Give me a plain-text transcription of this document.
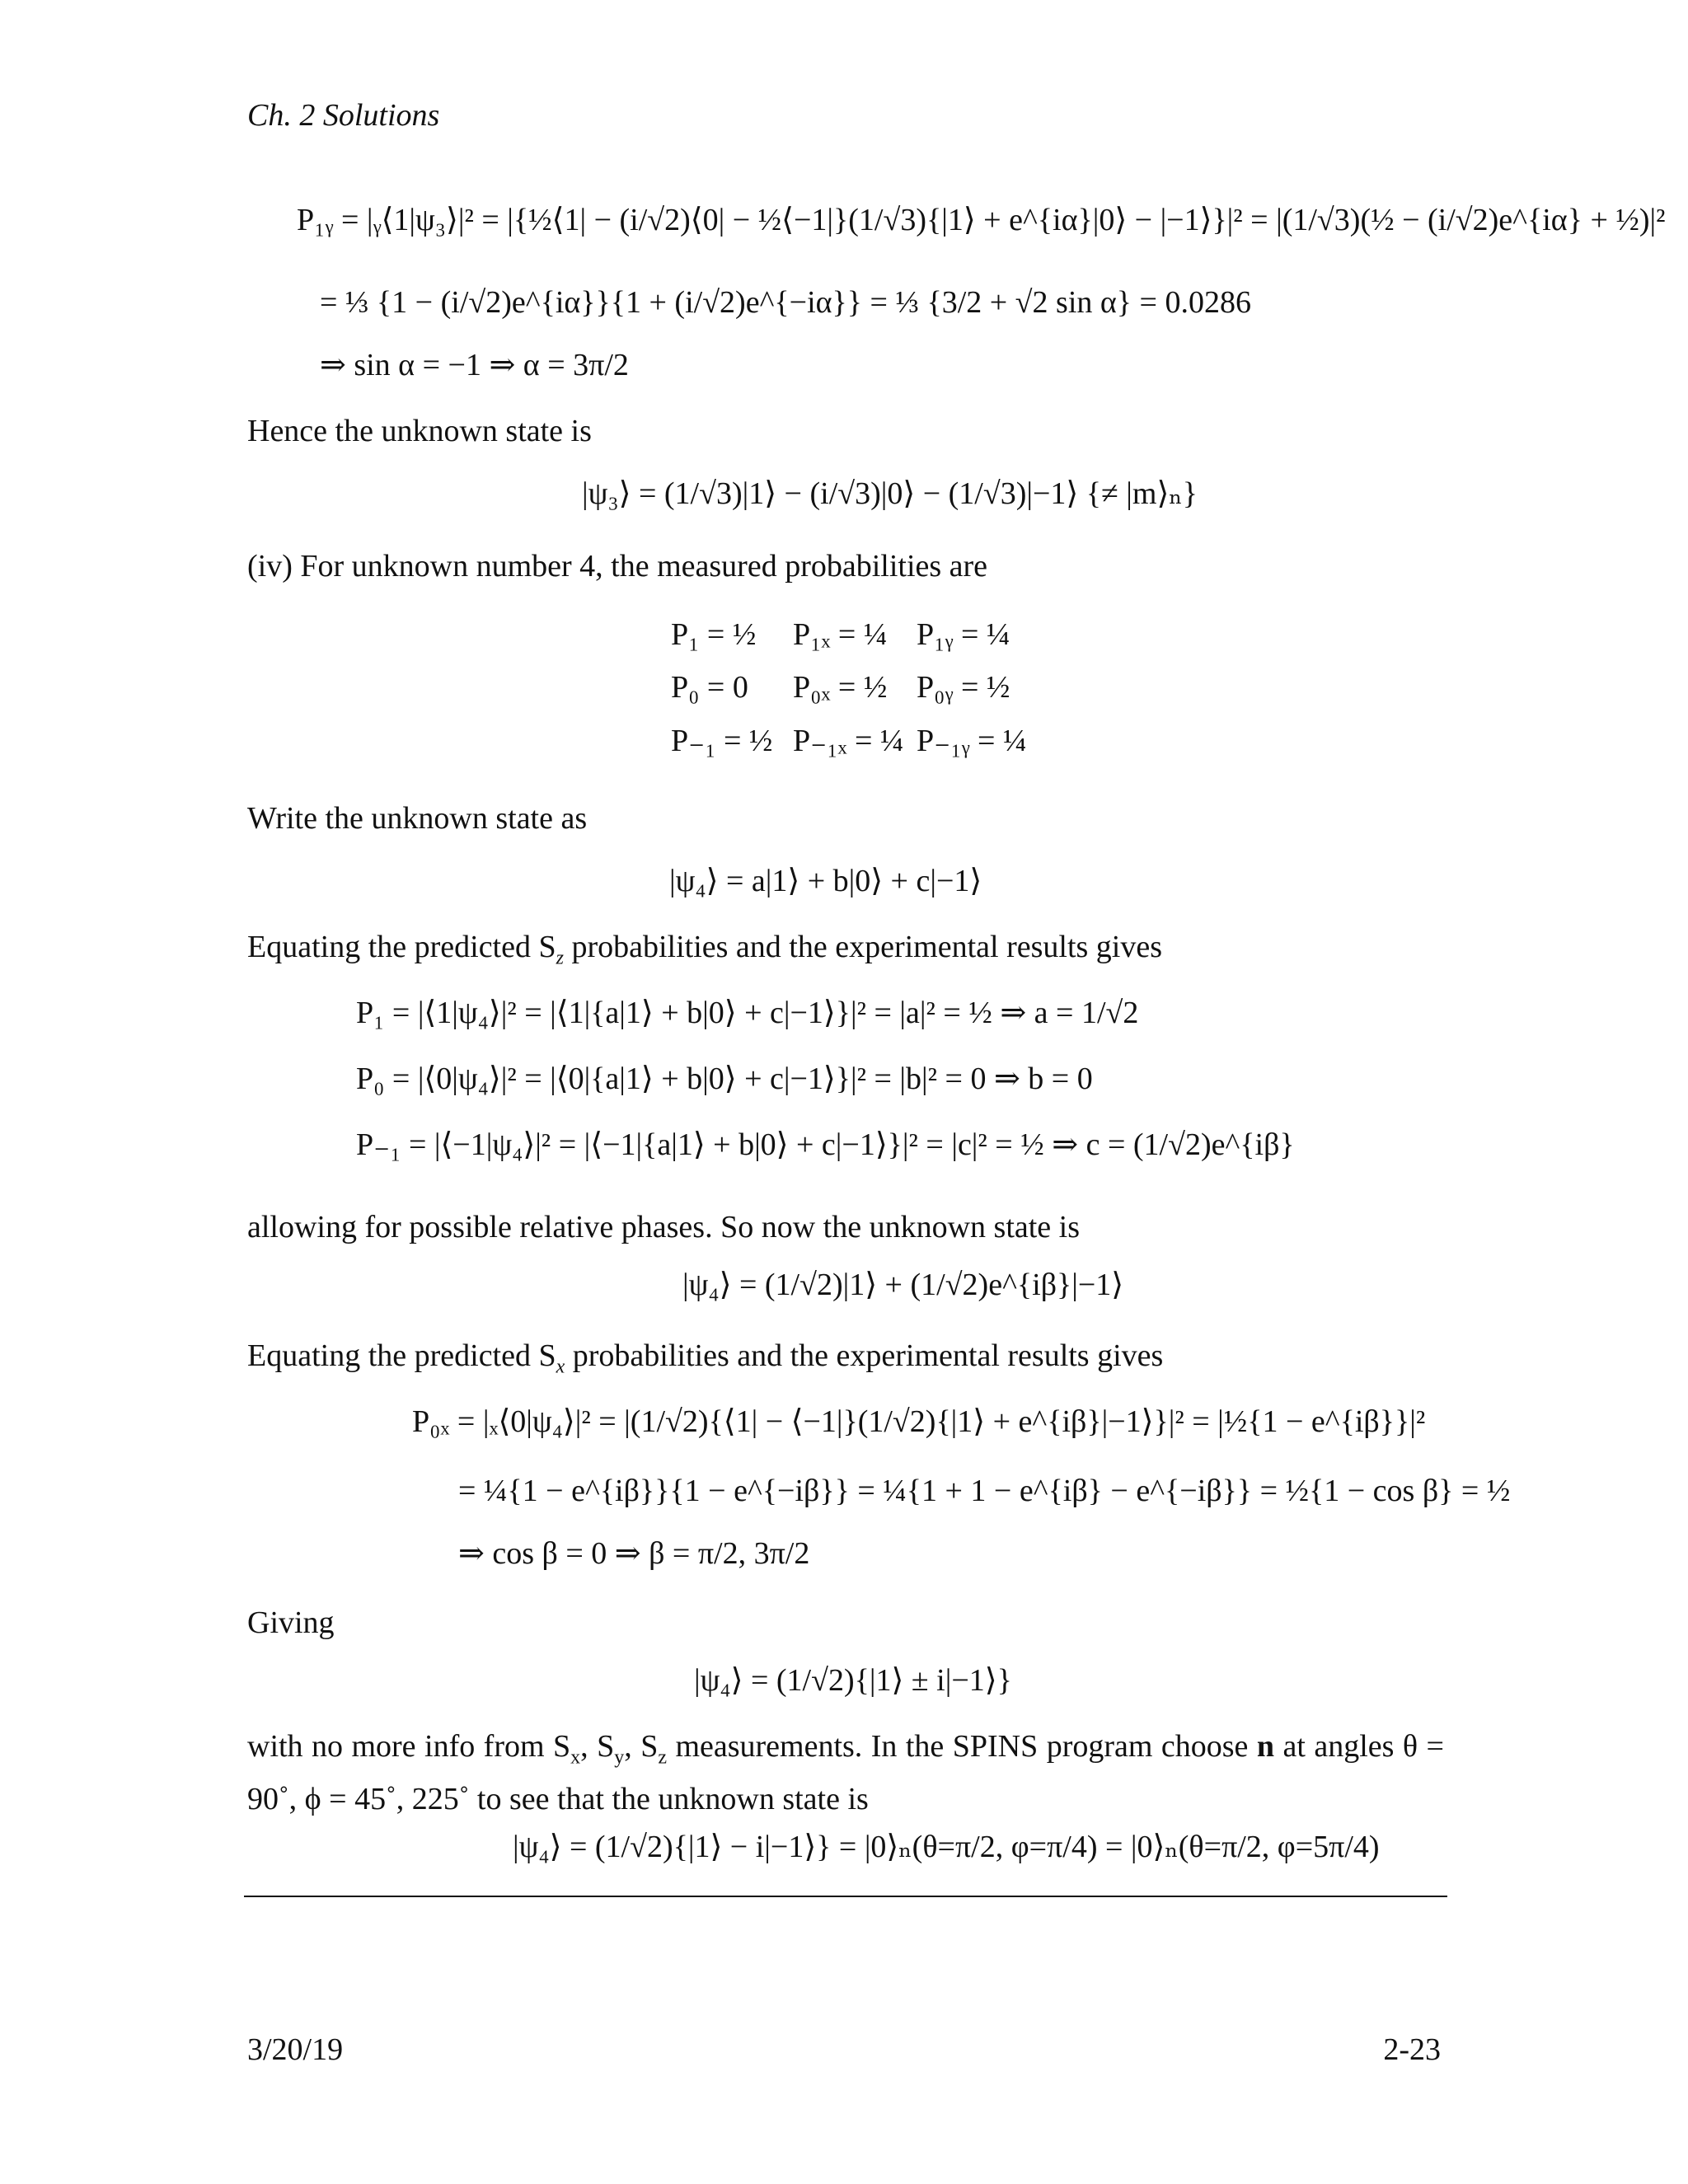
Ch. 2 Solutions
P₁ᵧ = |ᵧ⟨1|ψ₃⟩|² = |{½⟨1| − (i/√2)⟨0| − ½⟨−1|}(1/√3){|1⟩ + e^{iα}|0⟩ − |−1⟩}|² = |(1/√3)(½ − (i/√2)e^{iα} + ½)|²
= ⅓ {1 − (i/√2)e^{iα}}{1 + (i/√2)e^{−iα}} = ⅓ {3/2 + √2 sin α} = 0.0286
⇒ sin α = −1 ⇒ α = 3π/2
Hence the unknown state is
|ψ₃⟩ = (1/√3)|1⟩ − (i/√3)|0⟩ − (1/√3)|−1⟩ {≠ |m⟩ₙ}
(iv) For unknown number 4, the measured probabilities are
P₁ = ½ P₁ₓ = ¼ P₁ᵧ = ¼
P₀ = 0 P₀ₓ = ½ P₀ᵧ = ½
P₋₁ = ½ P₋₁ₓ = ¼ P₋₁ᵧ = ¼
Write the unknown state as
|ψ₄⟩ = a|1⟩ + b|0⟩ + c|−1⟩
Equating the predicted $S_z$ probabilities and the experimental results gives
P₁ = |⟨1|ψ₄⟩|² = |⟨1|{a|1⟩ + b|0⟩ + c|−1⟩}|² = |a|² = ½ ⇒ a = 1/√2
P₀ = |⟨0|ψ₄⟩|² = |⟨0|{a|1⟩ + b|0⟩ + c|−1⟩}|² = |b|² = 0 ⇒ b = 0
P₋₁ = |⟨−1|ψ₄⟩|² = |⟨−1|{a|1⟩ + b|0⟩ + c|−1⟩}|² = |c|² = ½ ⇒ c = (1/√2)e^{iβ}
allowing for possible relative phases. So now the unknown state is
|ψ₄⟩ = (1/√2)|1⟩ + (1/√2)e^{iβ}|−1⟩
Equating the predicted $S_x$ probabilities and the experimental results gives
P₀ₓ = |ₓ⟨0|ψ₄⟩|² = |(1/√2){⟨1| − ⟨−1|}(1/√2){|1⟩ + e^{iβ}|−1⟩}|² = |½{1 − e^{iβ}}|²
= ¼{1 − e^{iβ}}{1 − e^{−iβ}} = ¼{1 + 1 − e^{iβ} − e^{−iβ}} = ½{1 − cos β} = ½
⇒ cos β = 0 ⇒ β = π/2, 3π/2
Giving
|ψ₄⟩ = (1/√2){|1⟩ ± i|−1⟩}
with no more info from $S_x$, $S_y$, $S_z$ measurements. In the SPINS program choose n at angles θ = 90˚, ϕ = 45˚, 225˚ to see that the unknown state is
|ψ₄⟩ = (1/√2){|1⟩ − i|−1⟩} = |0⟩ₙ(θ=π/2, φ=π/4) = |0⟩ₙ(θ=π/2, φ=5π/4)
3/20/19	2-23
